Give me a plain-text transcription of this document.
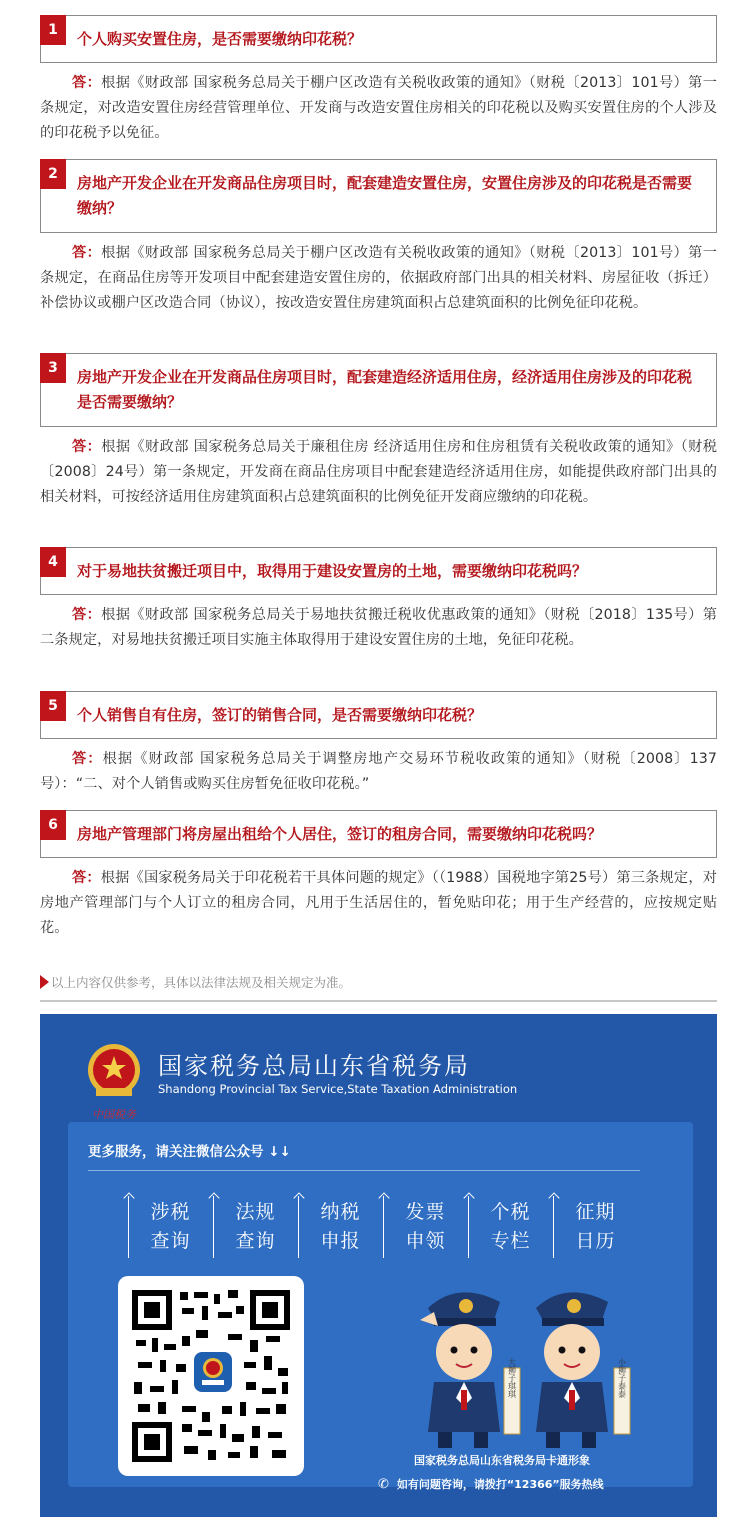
1	个人购买安置住房，是否需要缴纳印花税？

答：根据《财政部 国家税务总局关于棚户区改造有关税收政策的通知》（财税〔2013〕101号）第一条规定，对改造安置住房经营管理单位、开发商与改造安置住房相关的印花税以及购买安置住房的个人涉及的印花税予以免征。

2	房地产开发企业在开发商品住房项目时，配套建造安置住房，安置住房涉及的印花税是否需要缴纳？

答：根据《财政部 国家税务总局关于棚户区改造有关税收政策的通知》（财税〔2013〕101号）第一条规定，在商品住房等开发项目中配套建造安置住房的，依据政府部门出具的相关材料、房屋征收（拆迁）补偿协议或棚户区改造合同（协议），按改造安置住房建筑面积占总建筑面积的比例免征印花税。

3	房地产开发企业在开发商品住房项目时，配套建造经济适用住房，经济适用住房涉及的印花税是否需要缴纳？

答：根据《财政部 国家税务总局关于廉租住房 经济适用住房和住房租赁有关税收政策的通知》（财税〔2008〕24号）第一条规定，开发商在商品住房项目中配套建造经济适用住房，如能提供政府部门出具的相关材料，可按经济适用住房建筑面积占总建筑面积的比例免征开发商应缴纳的印花税。

4	对于易地扶贫搬迁项目中，取得用于建设安置房的土地，需要缴纳印花税吗？

答：根据《财政部 国家税务总局关于易地扶贫搬迁税收优惠政策的通知》（财税〔2018〕135号）第二条规定，对易地扶贫搬迁项目实施主体取得用于建设安置住房的土地，免征印花税。

5	个人销售自有住房，签订的销售合同，是否需要缴纳印花税？

答：根据《财政部 国家税务总局关于调整房地产交易环节税收政策的通知》（财税〔2008〕137号）：“二、对个人销售或购买住房暂免征收印花税。”

6	房地产管理部门将房屋出租给个人居住，签订的租房合同，需要缴纳印花税吗？

答：根据《国家税务局关于印花税若干具体问题的规定》（（1988）国税地字第25号）第三条规定，对房地产管理部门与个人订立的租房合同，凡用于生活居住的，暂免贴印花；用于生产经营的，应按规定贴花。

以上内容仅供参考，具体以法律法规及相关规定为准。
中国税务
国家税务总局山东省税务局
Shandong Provincial Tax Service,State Taxation Administration
更多服务，请关注微信公众号 ↓↓
涉税
查询
法规
查询
纳税
申报
发票
申领
个税
专栏
征期
日历
大狮子琪琪	小狮子泰泰
国家税务总局山东省税务局卡通形象
✆ 如有问题咨询，请拨打“12366”服务热线
